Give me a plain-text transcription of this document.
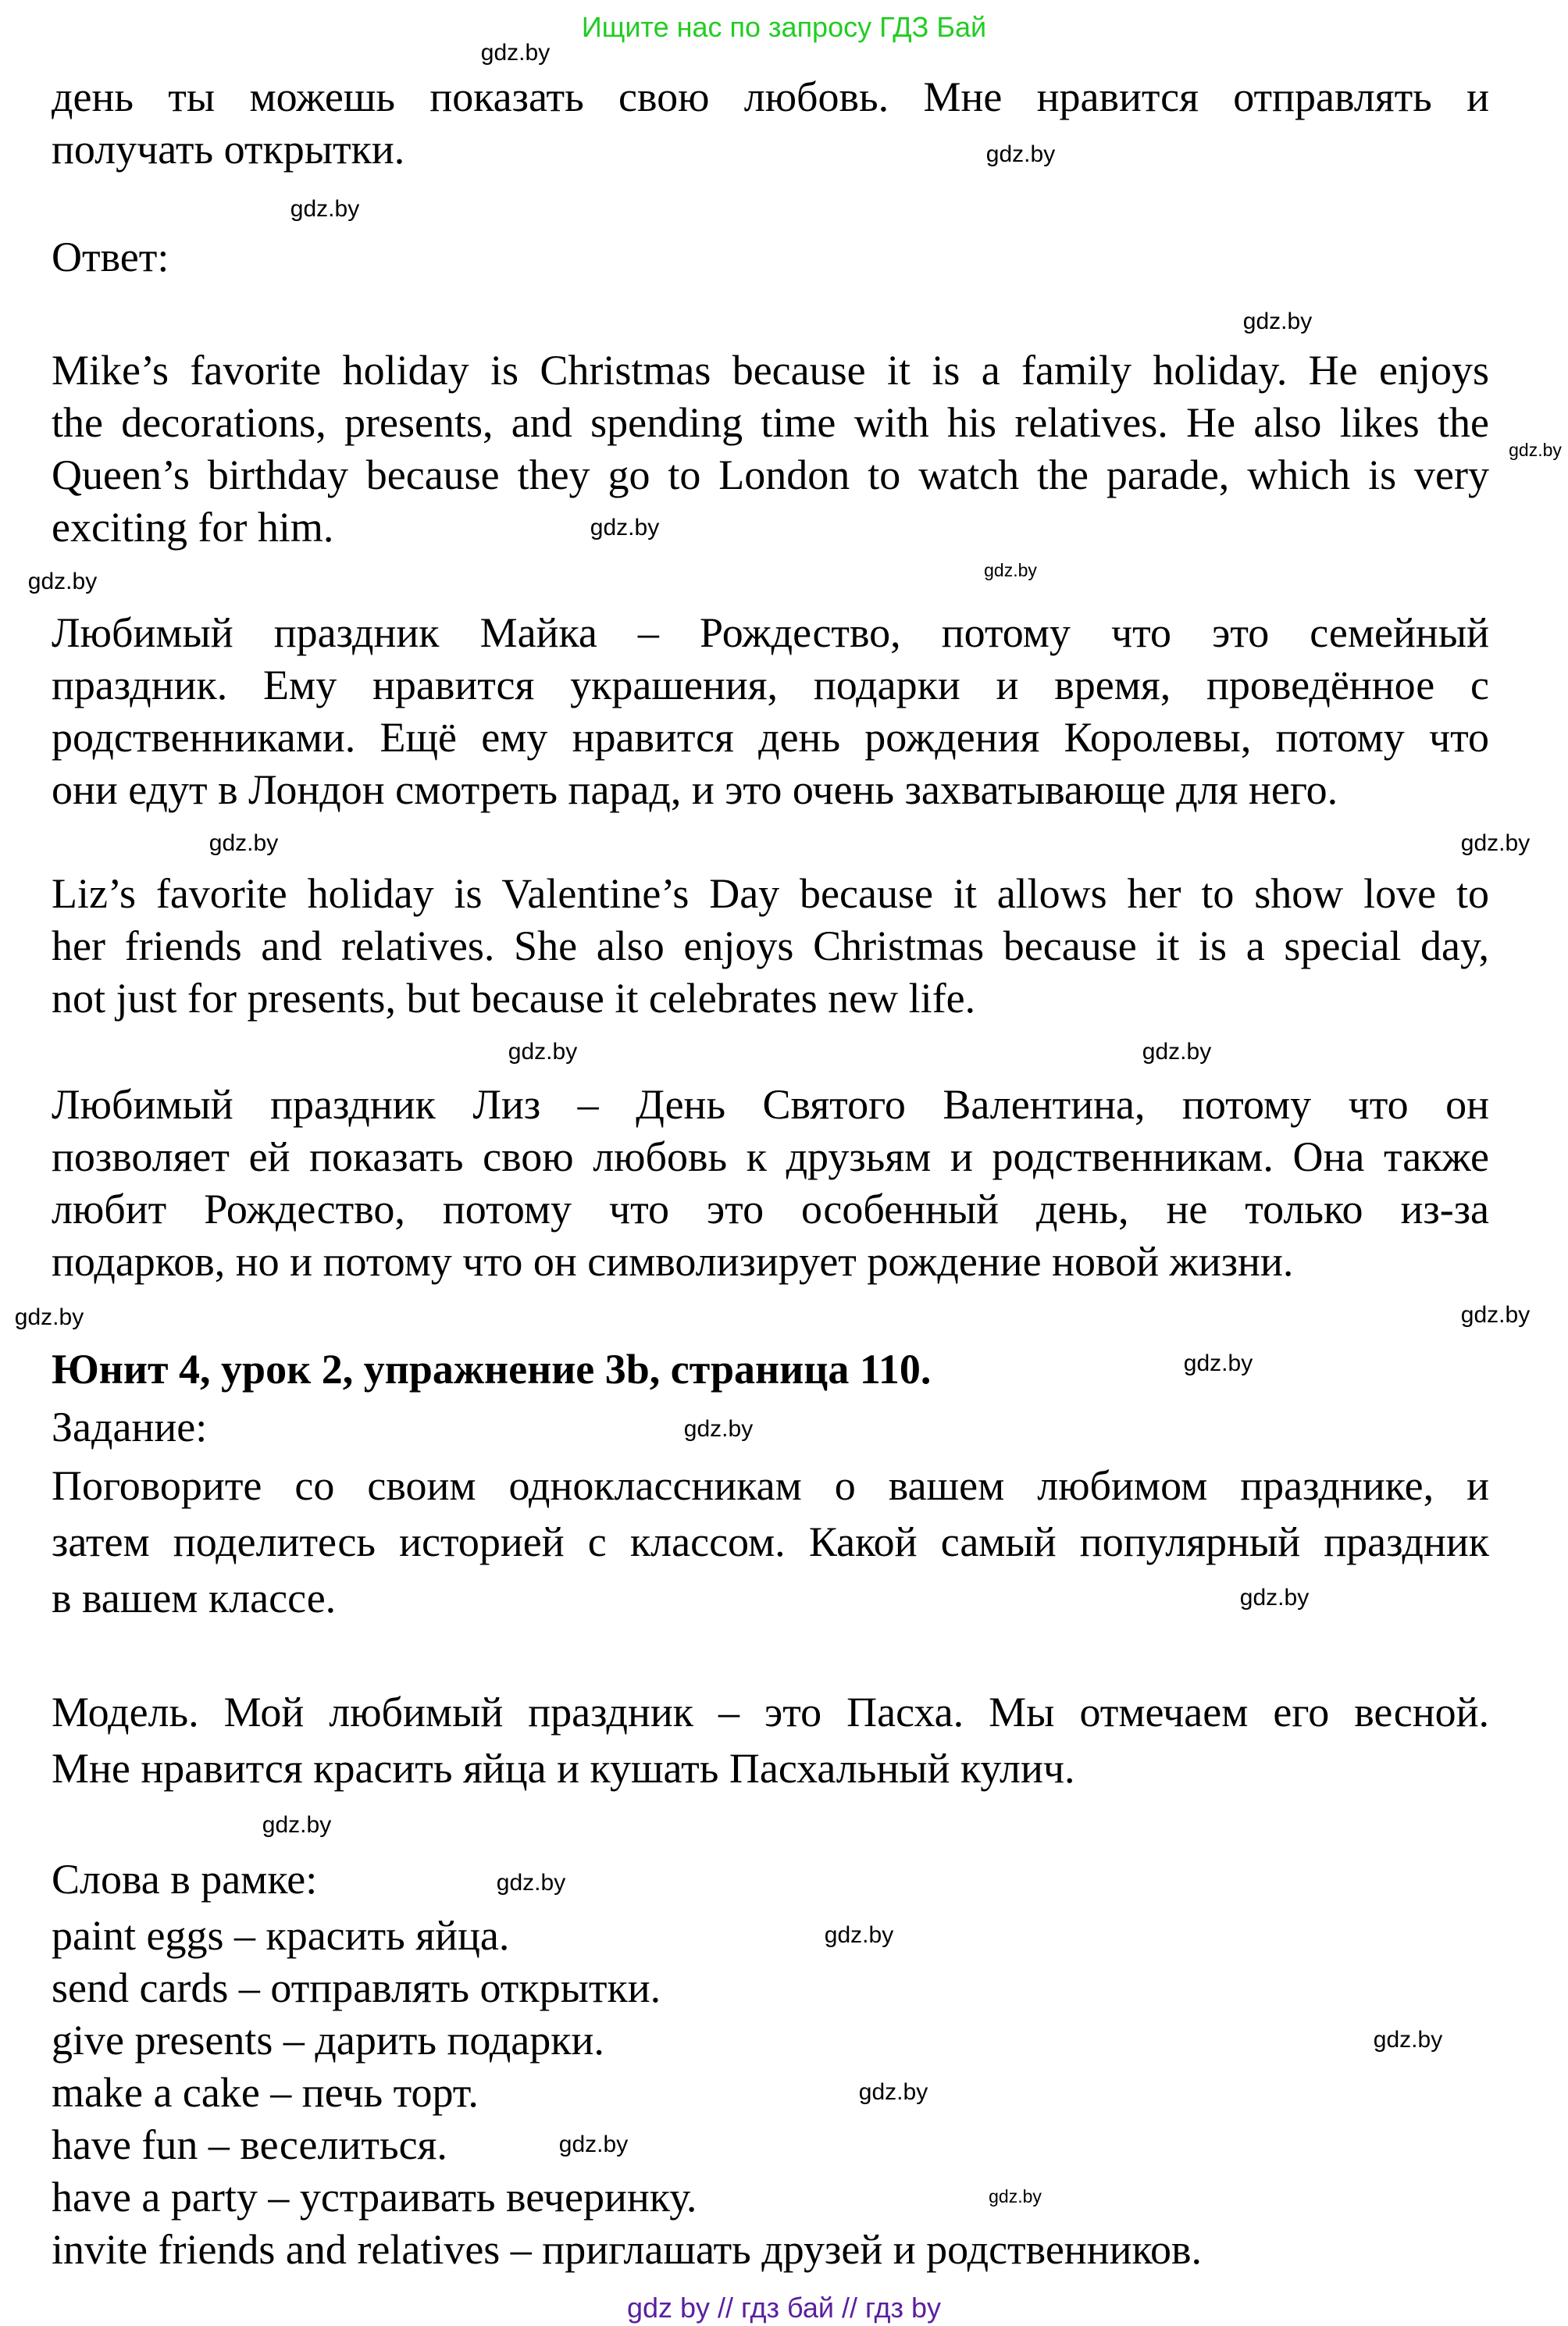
Ищите нас по запросу ГДЗ Бай
день ты можешь показать свою любовь. Мне нравится отправлять и
получать открытки.
Ответ:
Mike’s favorite holiday is Christmas because it is a family holiday. He enjoys
the decorations, presents, and spending time with his relatives. He also likes the
Queen’s birthday because they go to London to watch the parade, which is very
exciting for him.
Любимый праздник Майка – Рождество, потому что это семейный
праздник. Ему нравится украшения, подарки и время, проведённое с
родственниками. Ещё ему нравится день рождения Королевы, потому что
они едут в Лондон смотреть парад, и это очень захватывающе для него.
Liz’s favorite holiday is Valentine’s Day because it allows her to show love to
her friends and relatives. She also enjoys Christmas because it is a special day,
not just for presents, but because it celebrates new life.
Любимый праздник Лиз – День Святого Валентина, потому что он
позволяет ей показать свою любовь к друзьям и родственникам. Она также
любит Рождество, потому что это особенный день, не только из-за
подарков, но и потому что он символизирует рождение новой жизни.
Юнит 4, урок 2, упражнение 3b, страница 110.
Задание:
Поговорите со своим одноклассникам о вашем любимом празднике, и
затем поделитесь историей с классом. Какой самый популярный праздник
в вашем классе.
Модель. Мой любимый праздник – это Пасха. Мы отмечаем его весной.
Мне нравится красить яйца и кушать Пасхальный кулич.
Слова в рамке:
paint eggs – красить яйца.
send cards – отправлять открытки.
give presents – дарить подарки.
make a cake – печь торт.
have fun – веселиться.
have a party – устраивать вечеринку.
invite friends and relatives – приглашать друзей и родственников.
gdz.by
gdz.by
gdz.by
gdz.by
gdz.by
gdz.by
gdz.by
gdz.by
gdz.by
gdz.by
gdz.by
gdz.by
gdz.by
gdz.by
gdz.by
gdz.by
gdz.by
gdz.by
gdz.by
gdz.by
gdz.by
gdz.by
gdz.by
gdz.by
gdz by // гдз бай // гдз by
